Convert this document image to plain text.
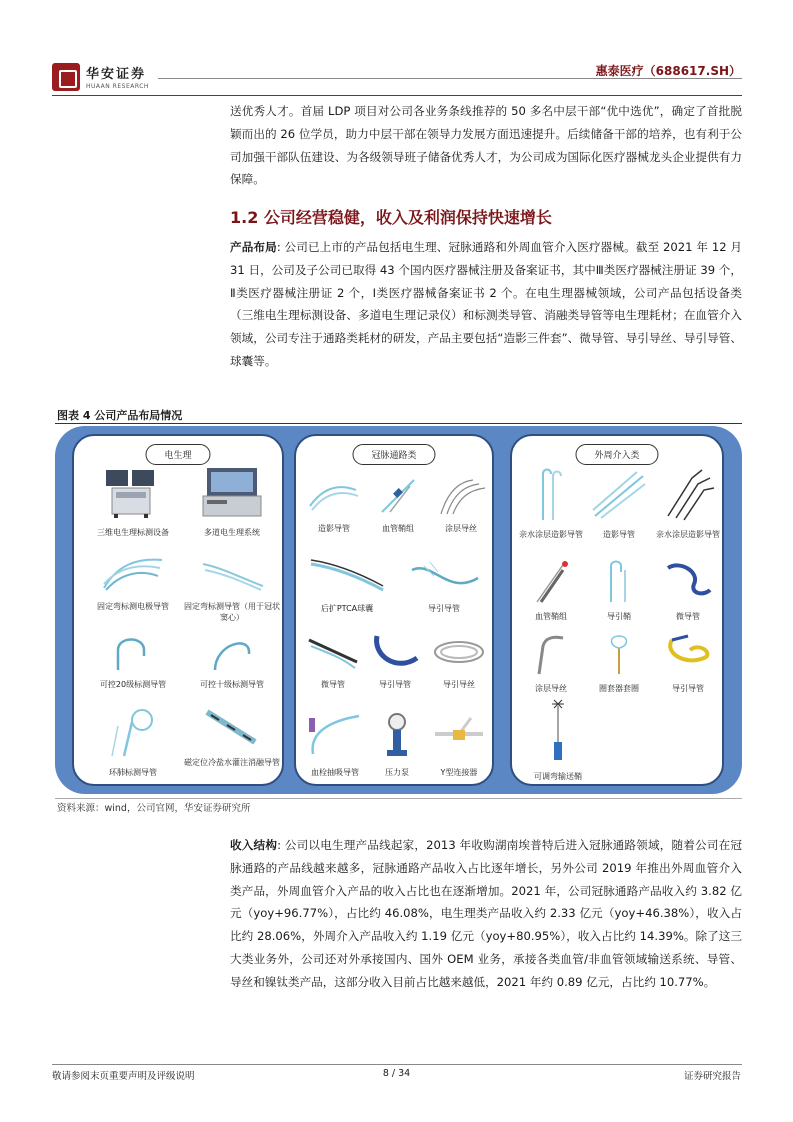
华安证券
HUAAN RESEARCH
惠泰医疗（688617.SH）
送优秀人才。首届 LDP 项目对公司各业务条线推荐的 50 多名中层干部“优中选优”，确定了首批脱颖而出的 26 位学员，助力中层干部在领导力发展方面迅速提升。后续储备干部的培养，也有利于公司加强干部队伍建设、为各级领导班子储备优秀人才，为公司成为国际化医疗器械龙头企业提供有力保障。
1.2 公司经营稳健，收入及利润保持快速增长
产品布局: 公司已上市的产品包括电生理、冠脉通路和外周血管介入医疗器械。截至 2021 年 12 月 31 日，公司及子公司已取得 43 个国内医疗器械注册及备案证书，其中Ⅲ类医疗器械注册证 39 个，Ⅱ类医疗器械注册证 2 个，Ⅰ类医疗器械备案证书 2 个。在电生理器械领域，公司产品包括设备类（三维电生理标测设备、多道电生理记录仪）和标测类导管、消融类导管等电生理耗材；在血管介入领域，公司专注于通路类耗材的研发，产品主要包括“造影三件套”、微导管、导引导丝、导引导管、球囊等。
图表 4 公司产品布局情况
电生理
三维电生理标测设备	多道电生理系统
固定弯标测电极导管	固定弯标测导管（用于冠状窦心）
可控20级标测导管	可控十级标测导管
环肺标测导管
磁定位冷盐水灌注消融导管
冠脉通路类
造影导管	血管鞘组	涂层导丝
后扩PTCA球囊	导引导管
微导管	导引导管	导引导丝
血栓抽吸导管	压力泵	Y型连接器
外周介入类
亲水涂层造影导管	造影导管	亲水涂层造影导管
血管鞘组	导引鞘	微导管
涂层导丝	圈套器套圈	导引导管
可调弯输送鞘
资料来源：wind，公司官网，华安证券研究所
收入结构: 公司以电生理产品线起家，2013 年收购湖南埃普特后进入冠脉通路领域，随着公司在冠脉通路的产品线越来越多，冠脉通路产品收入占比逐年增长，另外公司 2019 年推出外周血管介入类产品，外周血管介入产品的收入占比也在逐渐增加。2021 年，公司冠脉通路产品收入约 3.82 亿元（yoy+96.77%），占比约 46.08%，电生理类产品收入约 2.33 亿元（yoy+46.38%），收入占比约 28.06%，外周介入产品收入约 1.19 亿元（yoy+80.95%），收入占比约 14.39%。除了这三大类业务外，公司还对外承接国内、国外 OEM 业务，承接各类血管/非血管领域输送系统、导管、导丝和镍钛类产品，这部分收入目前占比越来越低，2021 年约 0.89 亿元，占比约 10.77%。
敬请参阅末页重要声明及评级说明	8 / 34	证券研究报告
